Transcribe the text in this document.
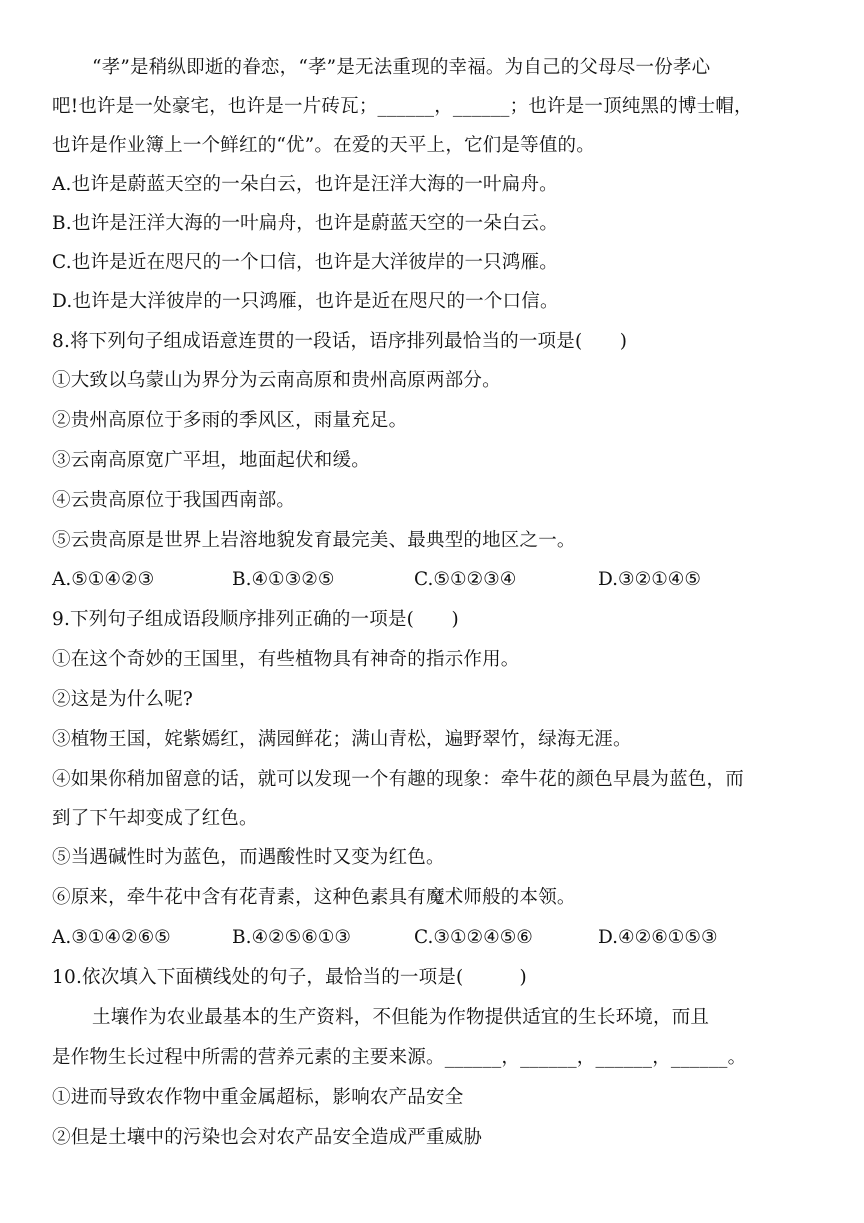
“孝”是稍纵即逝的眷恋，“孝”是无法重现的幸福。为自己的父母尽一份孝心
吧!也许是一处豪宅，也许是一片砖瓦；______，______；也许是一顶纯黑的博士帽，
也许是作业簿上一个鲜红的“优”。在爱的天平上，它们是等值的。
A.也许是蔚蓝天空的一朵白云，也许是汪洋大海的一叶扁舟。
B.也许是汪洋大海的一叶扁舟，也许是蔚蓝天空的一朵白云。
C.也许是近在咫尺的一个口信，也许是大洋彼岸的一只鸿雁。
D.也许是大洋彼岸的一只鸿雁，也许是近在咫尺的一个口信。
8.将下列句子组成语意连贯的一段话，语序排列最恰当的一项是(　　)
①大致以乌蒙山为界分为云南高原和贵州高原两部分。
②贵州高原位于多雨的季风区，雨量充足。
③云南高原宽广平坦，地面起伏和缓。
④云贵高原位于我国西南部。
⑤云贵高原是世界上岩溶地貌发育最完美、最典型的地区之一。
A.⑤①④②③	B.④①③②⑤	C.⑤①②③④	D.③②①④⑤
9.下列句子组成语段顺序排列正确的一项是(　　)
①在这个奇妙的王国里，有些植物具有神奇的指示作用。
②这是为什么呢?
③植物王国，姹紫嫣红，满园鲜花；满山青松，遍野翠竹，绿海无涯。
④如果你稍加留意的话，就可以发现一个有趣的现象：牵牛花的颜色早晨为蓝色，而
到了下午却变成了红色。
⑤当遇碱性时为蓝色，而遇酸性时又变为红色。
⑥原来，牵牛花中含有花青素，这种色素具有魔术师般的本领。
A.③①④②⑥⑤	B.④②⑤⑥①③	C.③①②④⑤⑥	D.④②⑥①⑤③
10.依次填入下面横线处的句子，最恰当的一项是(　　　)
土壤作为农业最基本的生产资料，不但能为作物提供适宜的生长环境，而且
是作物生长过程中所需的营养元素的主要来源。______，______，______，______。
①进而导致农作物中重金属超标，影响农产品安全
②但是土壤中的污染也会对农产品安全造成严重威胁
